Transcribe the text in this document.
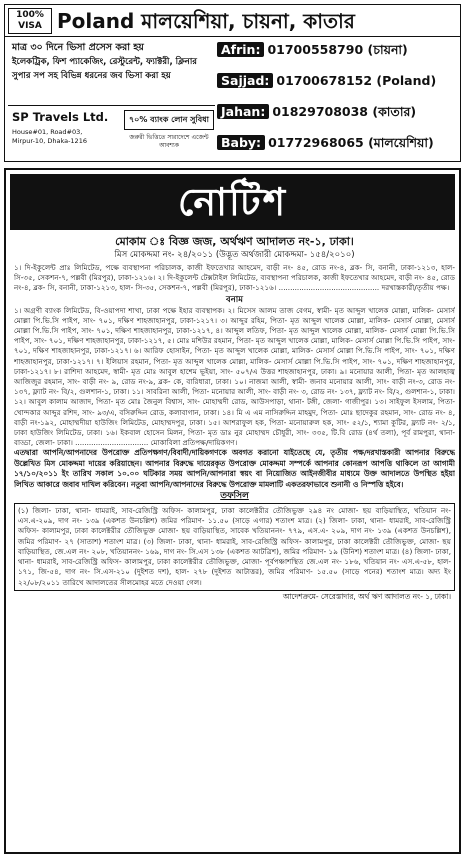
100%
VISA Poland মালয়েশিয়া, চায়না, কাতার
মাত্র ৩০ দিনে ভিসা প্রসেস করা হয়
ইলেকট্রিক, ফিশ প্যাকেজিং, রেস্টুরেন্ট, ফ্যাক্টরী, ক্লিনার
সুপার সপ সহ বিভিন্ন ধরনের জব ভিসা করা হয়
SP Travels Ltd.
House#01, Road#03,
Mirpur-10, Dhaka-1216
৭০% ব্যাংক লোন সুবিধা
জরুরী ভিত্তিতে সারাদেশে এজেন্ট আবশ্যক
Afrin: 01700558790 (চায়না)
Sajjad: 01700678152 (Poland)
Jahan: 01829708038 (কাতার)
Baby: 01772968065 (মালয়েশিয়া)
নোটিশ
মোকাম ঃ বিজ্ঞ জজ, অর্থঋণ আদালত নং-১, ঢাকা।
মিস মোকদ্দমা নং- ২৪/২০১১ (উদ্ভূত অর্থজারী মোকদ্দমা- ১৫৪/২০১০)
১। দি-ইকুলেন্ট প্রাঃ লিমিটেড, পক্ষে ব্যবস্থাপনা পরিচালক, কাজী ইফতেখার আহমেদ, বাড়ী নং- ৪৫, রোড নং-৪, ব্লক- সি, বনানী, ঢাকা-১২১৩, হাল- সি-৩৫, সেকশন-৭, পল্লবী (মিরপুর), ঢাকা-১২১৬। ২। দি-ইকুলেন্ট টেক্সটাইল লিমিটেড, ব্যবস্থাপনা পরিচালক, কাজী ইফতেখার আহমেদ, বাড়ী নং- ৪৫, রোড নং-৪, ব্লক- সি, বনানী, ঢাকা-১২১৩, হাল- সি-৩৫, সেকশন-৭, পল্লবী (মিরপুর), ঢাকা-১২১৬। ............................................ দরখাস্তকারী/তৃতীয় পক্ষ।
বনাম
১। অগ্রণী ব্যাংক লিমিটেড, বি-ওয়াপদা শাখা, ঢাকা পক্ষে ইহার ব্যবস্থাপক। ২। মিসেস আলম তাজ বেগম, স্বামী- মৃত আব্দুল খালেক মোল্লা, মালিক- মেসার্স মোল্লা পি.ভি.সি পাইপ, সাং- ৭০১, দক্ষিণ শাহজাহানপুর, ঢাকা-১২১৭। ৩। আব্দুর রহিম, পিতা- মৃত আব্দুল খালেক মোল্লা, মালিক- মেসার্স মোল্লা, মেসার্স মোল্লা পি.ভি.সি পাইপ, সাং- ৭০১, দক্ষিণ শাহজাহানপুর, ঢাকা-১২১৭, ৪। আব্দুল লতিফ, পিতা- মৃত আব্দুল খালেক মোল্লা, মালিক- মেসার্স মোল্লা পি.ভি.সি পাইপ, সাং- ৭০১, দক্ষিণ শাহজাহানপুর, ঢাকা-১২১৭, ৫। মোঃ মশিউর রহমান, পিতা- মৃত আব্দুল খালেক মোল্লা, মালিক- মেসার্স মোল্লা পি.ভি.সি পাইপ, সাং- ৭০১, দক্ষিণ শাহজাহানপুর, ঢাকা-১২১৭। ৬। আরিফ হোসাইন, পিতা- মৃত আব্দুল খালেক মোল্লা, মালিক- মেসার্স মোল্লা পি.ভি.সি পাইপ, সাং- ৭০১, দক্ষিণ শাহজাহানপুর, ঢাকা-১২১৭। ৭। ইলিয়াস রহমান, পিতা- মৃত আব্দুল খালেক মোল্লা, মালিক- মেসার্স মোল্লা পি.ভি.সি পাইপ, সাং- ৭০১, দক্ষিণ শাহজাহানপুর, ঢাকা-১২১৭। ৮। রাশিদা আহমেদ, স্বামী- মৃত মোঃ আবুল হাশেম ভূইয়া, সাং- ৫০৭/এ উত্তর শাহজাহানপুর, ঢাকা। ৯। মনোয়ার আলী, পিতা- মৃত আলহাজ্ব আজিজুর রহমান, সাং- বাড়ী নং- ৯, রোড নং-৯, ব্লক- কে, বারিধারা, ঢাকা। ১০। নাজমা আলী, স্বামী- জনাব মনোয়ার আলী, সাং- বাড়ী নং-৩, রোড নং- ১৩৭, ফ্ল্যাট নং- বি/২, গুলশান-১, ঢাকা। ১১। সাবরিনা আলী, পিতা- মনোয়ার আলী, সাং- বাড়ী নং- ৩, রোড নং- ১৩৭, ফ্ল্যাট নং- বি/২, গুলশান-১, ঢাকা। ১২। আবুল কালাম আজাদ, পিতা- মৃত মোঃ জৈনুল বিশ্বাস, সাং- মোহাম্মদী রোড, আউসপাড়া, থানা- টঙ্গী, জেলা- গাজীপুর। ১৩। সাইফুল ইসলাম, পিতা- খোন্দকার আব্দুর রশিদ, সাং- ৯৩/এ, বসিরুদ্দিন রোড, কলাবাগান, ঢাকা। ১৪। মি এ এম নাসিরুদ্দিন মাহমুদ, পিতা- মোঃ ছাদেকুর রহমান, সাং- রোড নং- ৪, বাড়ী নং-১৯২, মোহাম্মদীয়া হাউজিং লিমিটেড, মোহাম্মদপুর, ঢাকা। ১৫। আশরাফুল হক, পিতা- মনোয়ারুল হক, সাং- ৫২/১, শ্যামা কুটির, ফ্ল্যাট নং- ২/১, ঢাকা হাউজিং লিমিটেড, ঢাকা। ১৬। ইকবাল হোসেন মিলন, পিতা- মৃত ডাঃ নুর মোহাম্মদ চৌধুরী, সাং- ৩৩৫, টি.বি রোড (৪র্থ তলা), পূর্ব রামপুরা, থানা- বাড্ডা, জেলা- ঢাকা। ................................ মোকাবিলা প্রতিপক্ষ/দায়িকগণ।
এতদ্বারা আপনি/আপনাদের উপরোক্ত প্রতিপক্ষগণ/বিবাদী/দায়িকগণকে অবগত করানো যাইতেছে যে, তৃতীয় পক্ষ/দরখাস্তকারী আপনার বিরুদ্ধে উল্লেখিত মিস মোকদ্দমা দায়ের করিয়াছেন। আপনার বিরুদ্ধে দায়েরকৃত উপরোক্ত মোকদ্দমা সম্পর্কে আপনার কোনরূপ আপত্তি থাকিলে তা আগামী ১৭/১০/২০১১ ইং তারিখ সকাল ১০.০০ ঘটিকার সময় আপনি/আপনারা স্বয়ং বা নিয়োজিত আইনজীবীর মাধ্যমে উক্ত আদালতে উপস্থিত হইয়া লিখিত আকারে জবাব দাখিল করিবেন। নতুবা আপনি/আপনাদের বিরুদ্ধে উপরোক্ত মামলাটি একতরফাভাবে শুনানী ও নিস্পত্তি হইবে।
তফসিল
(১) জিলা- ঢাকা, থানা- ধামরাই, সাব-রেজিস্ট্রি অফিস- কালামপুর, ঢাকা কালেক্টরীর তৌজিভুক্ত ২৯৪ নং মোজা- ছয় বাড়িয়াস্থিত, খতিয়ান নং- এস.এ-২০৯, দাগ নং- ১৩৯ (একশত উনচল্লিশ) জমির পরিমাণ- ১১.৫০ (সাড়ে এগার) শতাংশ মাত্র। (২) জিলা- ঢাকা, থানা- ধামরাই, সাব-রেজিস্ট্রি অফিস- কালামপুর, ঢাকা কালেক্টরীর তৌজিভুক্ত মোজা- ছয় বাড়িয়াস্থিত, সাবেক খতিয়াননং- ৭৭৯, এস.এ- ২০৯, দাগ নং- ১৩৯ (একশত উনচল্লিশ), জমির পরিমাণ- ২৭ (সাতাশ) শতাংশ মাত্র। (৩) জিলা- ঢাকা, থানা- ধামরাই, সাব-রেজিস্ট্রি অফিস- কালামপুর, ঢাকা কালেক্টরী তৌজিভুক্ত, মোজা- ছয় বাড়িয়াস্থিত, জে.এল নং- ২০৮, খতিয়াননং- ১৬৯, দাগ নং- সি.এস ১৩৮ (একশত আটত্রিশ), জমির পরিমাণ- ১৯ (উনিশ) শতাংশ মাত্র। (৪) জিলা- ঢাকা, থানা- ধামরাই, সাব-রেজিস্ট্রি অফিস- কালামপুর, ঢাকা কালেক্টরীর তৌজিভুক্ত, মোজা- পূর্বপঞ্চাশস্থিত জে.এল নং- ১৮৬, খতিয়ান নং- এস.এ-৫৮, হাল- ১৭১, জি-৫৪, দাগ নং- সি.এস-২১০ (দুইশত দশ), হাল- ২৭৮ (দুইশত আটাত্তর), জমির পরিমাণ- ১৫.৫০ (সাড়ে পনের) শতাংশ মাত্র। অদ্য ইং ২২/০৮/২০১১ তারিখে আদালতের সীলমোহর মতে দেওয়া গেল।
আদেশক্রমে- সেরেস্তাদার, অর্থ ঋণ আদালত নং- ১, ঢাকা।
